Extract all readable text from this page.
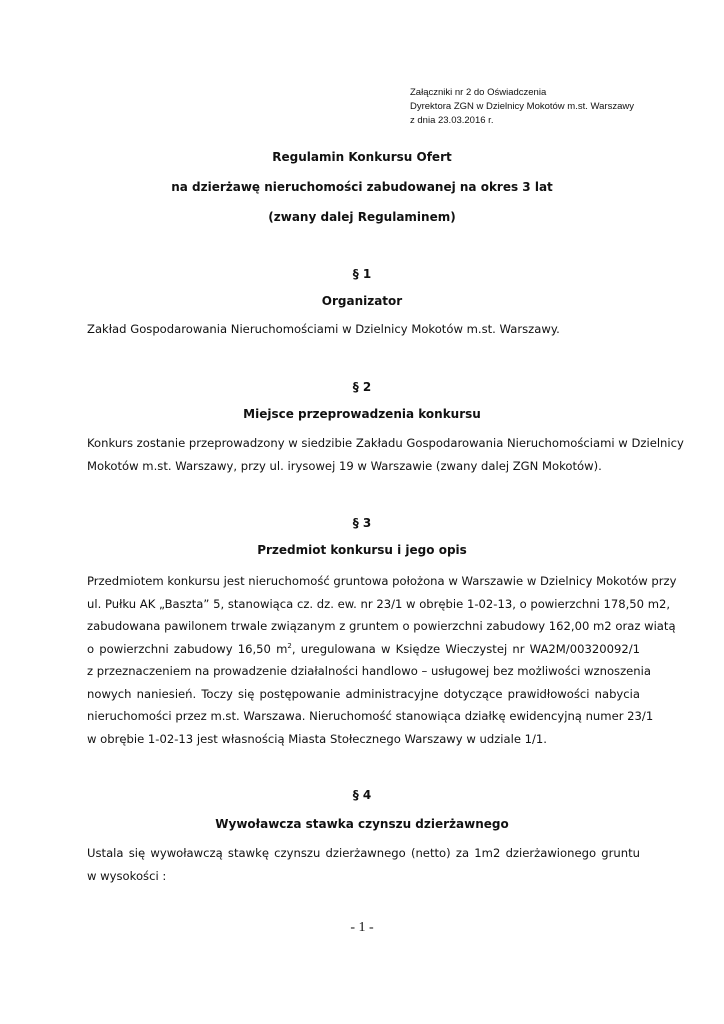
Załączniki nr 2 do Oświadczenia
Dyrektora ZGN w Dzielnicy Mokotów m.st. Warszawy
z dnia 23.03.2016 r.
Regulamin Konkursu Ofert
na dzierżawę nieruchomości zabudowanej na okres 3 lat
(zwany dalej Regulaminem)
§ 1
Organizator
Zakład Gospodarowania Nieruchomościami w Dzielnicy Mokotów m.st. Warszawy.
§ 2
Miejsce przeprowadzenia konkursu
Konkurs zostanie przeprowadzony w siedzibie Zakładu Gospodarowania Nieruchomościami w Dzielnicy
Mokotów m.st. Warszawy, przy ul. irysowej 19 w Warszawie (zwany dalej ZGN Mokotów).
§ 3
Przedmiot konkursu i jego opis
Przedmiotem konkursu jest nieruchomość gruntowa położona w Warszawie w Dzielnicy Mokotów przy
ul. Pułku AK „Baszta” 5, stanowiąca cz. dz. ew. nr 23/1 w obrębie 1-02-13, o powierzchni 178,50 m2,
zabudowana pawilonem trwale związanym z gruntem o powierzchni zabudowy 162,00 m2 oraz wiatą
o powierzchni zabudowy 16,50 $m^2$, uregulowana w Księdze Wieczystej nr WA2M/00320092/1
z przeznaczeniem na prowadzenie działalności handlowo – usługowej bez możliwości wznoszenia
nowych naniesień. Toczy się postępowanie administracyjne dotyczące prawidłowości nabycia
nieruchomości przez m.st. Warszawa. Nieruchomość stanowiąca działkę ewidencyjną numer 23/1
w obrębie 1-02-13 jest własnością Miasta Stołecznego Warszawy w udziale 1/1.
§ 4
Wywoławcza stawka czynszu dzierżawnego
Ustala się wywoławczą stawkę czynszu dzierżawnego (netto) za 1m2 dzierżawionego gruntu
w wysokości :
- 1 -
